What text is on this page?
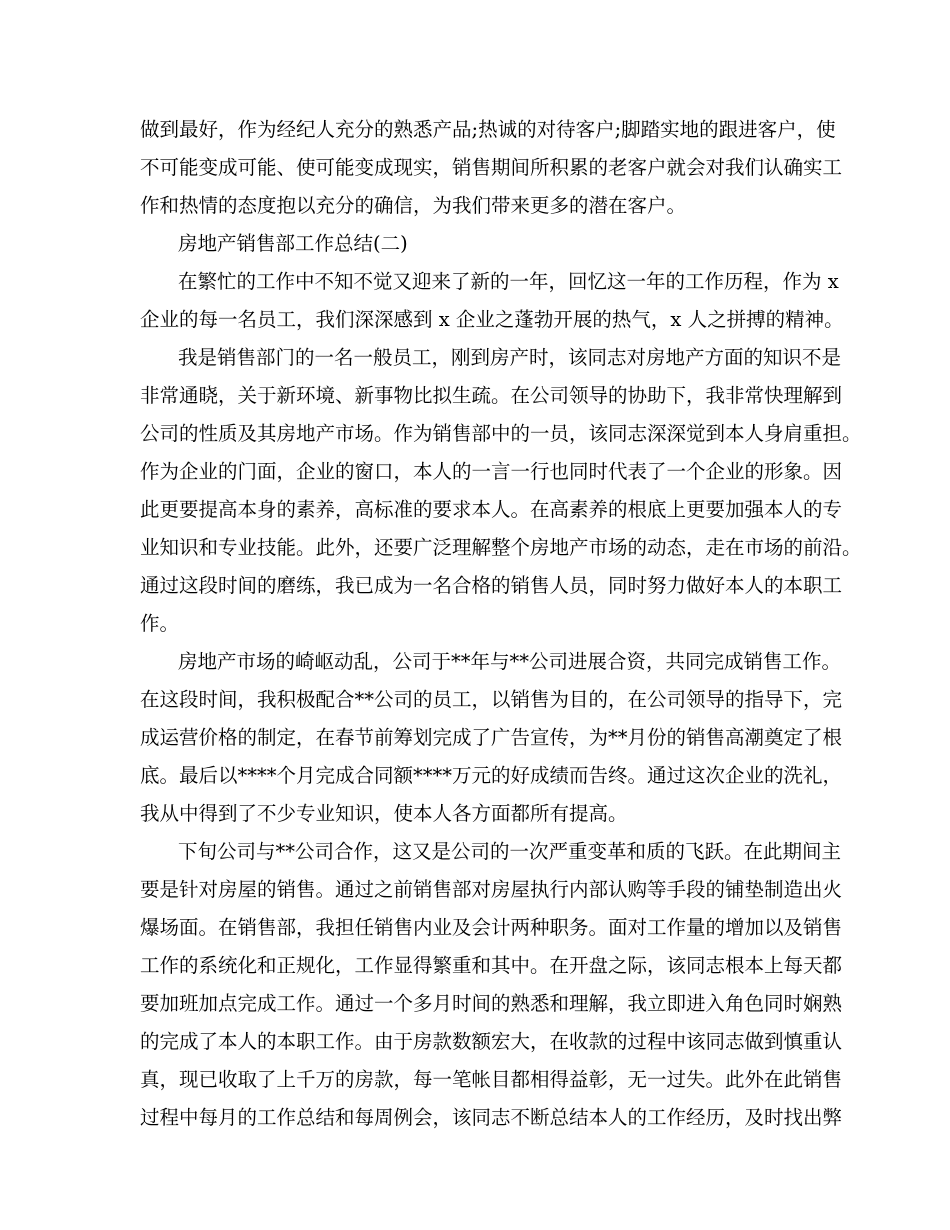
做到最好，作为经纪人充分的熟悉产品;热诚的对待客户;脚踏实地的跟进客户，使
不可能变成可能、使可能变成现实，销售期间所积累的老客户就会对我们认确实工
作和热情的态度抱以充分的确信，为我们带来更多的潜在客户。
房地产销售部工作总结(二)
在繁忙的工作中不知不觉又迎来了新的一年，回忆这一年的工作历程，作为 x
企业的每一名员工，我们深深感到 x 企业之蓬勃开展的热气，x 人之拼搏的精神。
我是销售部门的一名一般员工，刚到房产时，该同志对房地产方面的知识不是
非常通晓，关于新环境、新事物比拟生疏。在公司领导的协助下，我非常快理解到
公司的性质及其房地产市场。作为销售部中的一员，该同志深深觉到本人身肩重担。
作为企业的门面，企业的窗口，本人的一言一行也同时代表了一个企业的形象。因
此更要提高本身的素养，高标准的要求本人。在高素养的根底上更要加强本人的专
业知识和专业技能。此外，还要广泛理解整个房地产市场的动态，走在市场的前沿。
通过这段时间的磨练，我已成为一名合格的销售人员，同时努力做好本人的本职工
作。
房地产市场的崎岖动乱，公司于**年与**公司进展合资，共同完成销售工作。
在这段时间，我积极配合**公司的员工，以销售为目的，在公司领导的指导下，完
成运营价格的制定，在春节前筹划完成了广告宣传，为**月份的销售高潮奠定了根
底。最后以****个月完成合同额****万元的好成绩而告终。通过这次企业的洗礼，
我从中得到了不少专业知识，使本人各方面都所有提高。
下旬公司与**公司合作，这又是公司的一次严重变革和质的飞跃。在此期间主
要是针对房屋的销售。通过之前销售部对房屋执行内部认购等手段的铺垫制造出火
爆场面。在销售部，我担任销售内业及会计两种职务。面对工作量的增加以及销售
工作的系统化和正规化，工作显得繁重和其中。在开盘之际，该同志根本上每天都
要加班加点完成工作。通过一个多月时间的熟悉和理解，我立即进入角色同时娴熟
的完成了本人的本职工作。由于房款数额宏大，在收款的过程中该同志做到慎重认
真，现已收取了上千万的房款，每一笔帐目都相得益彰，无一过失。此外在此销售
过程中每月的工作总结和每周例会，该同志不断总结本人的工作经历，及时找出弊
